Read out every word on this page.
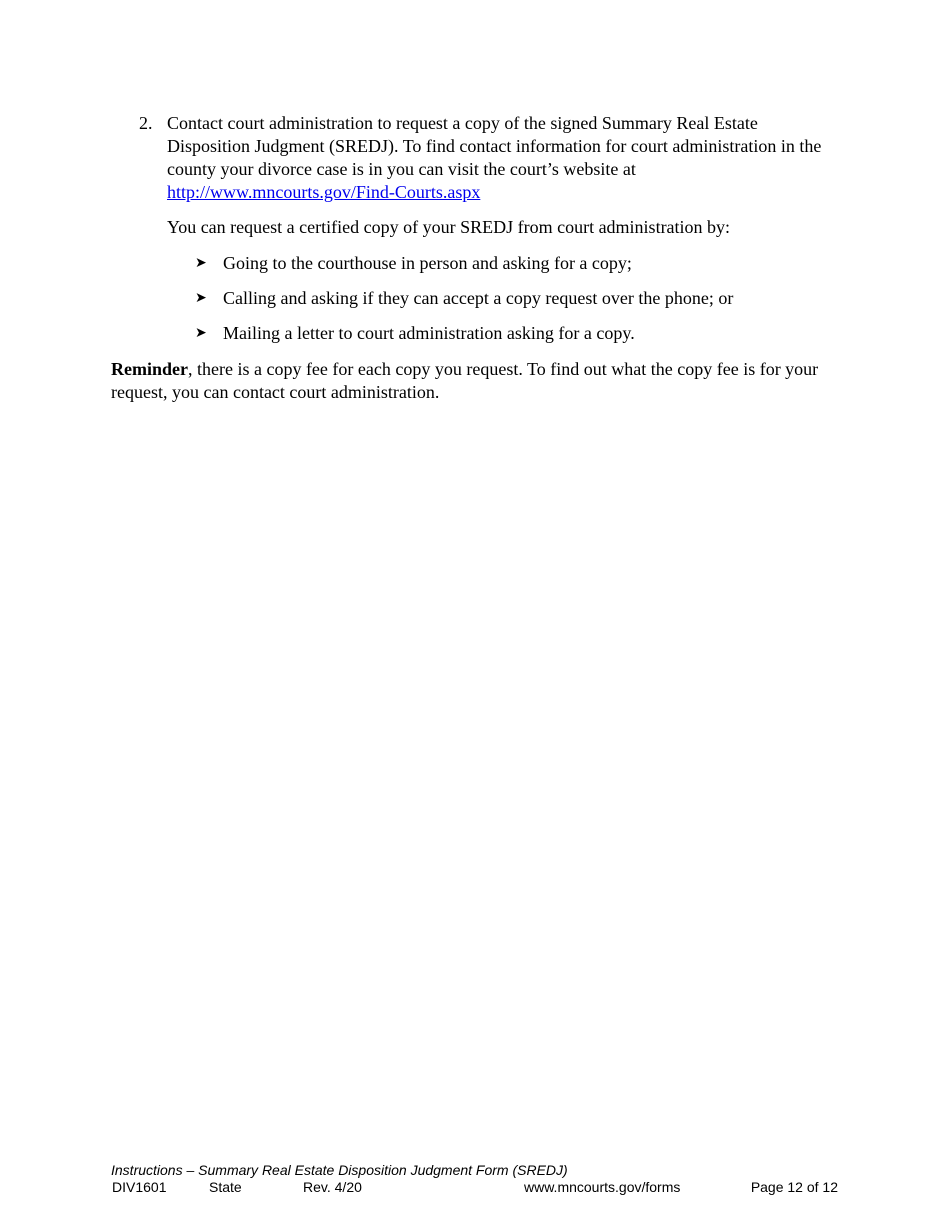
2. Contact court administration to request a copy of the signed Summary Real Estate Disposition Judgment (SREDJ). To find contact information for court administration in the county your divorce case is in you can visit the court’s website at
http://www.mncourts.gov/Find-Courts.aspx

You can request a certified copy of your SREDJ from court administration by:
➤ Going to the courthouse in person and asking for a copy;
➤ Calling and asking if they can accept a copy request over the phone; or
➤ Mailing a letter to court administration asking for a copy.

Reminder, there is a copy fee for each copy you request. To find out what the copy fee is for your request, you can contact court administration.

Instructions – Summary Real Estate Disposition Judgment Form (SREDJ)
DIV1601	State	Rev. 4/20	www.mncourts.gov/forms	Page 12 of 12
